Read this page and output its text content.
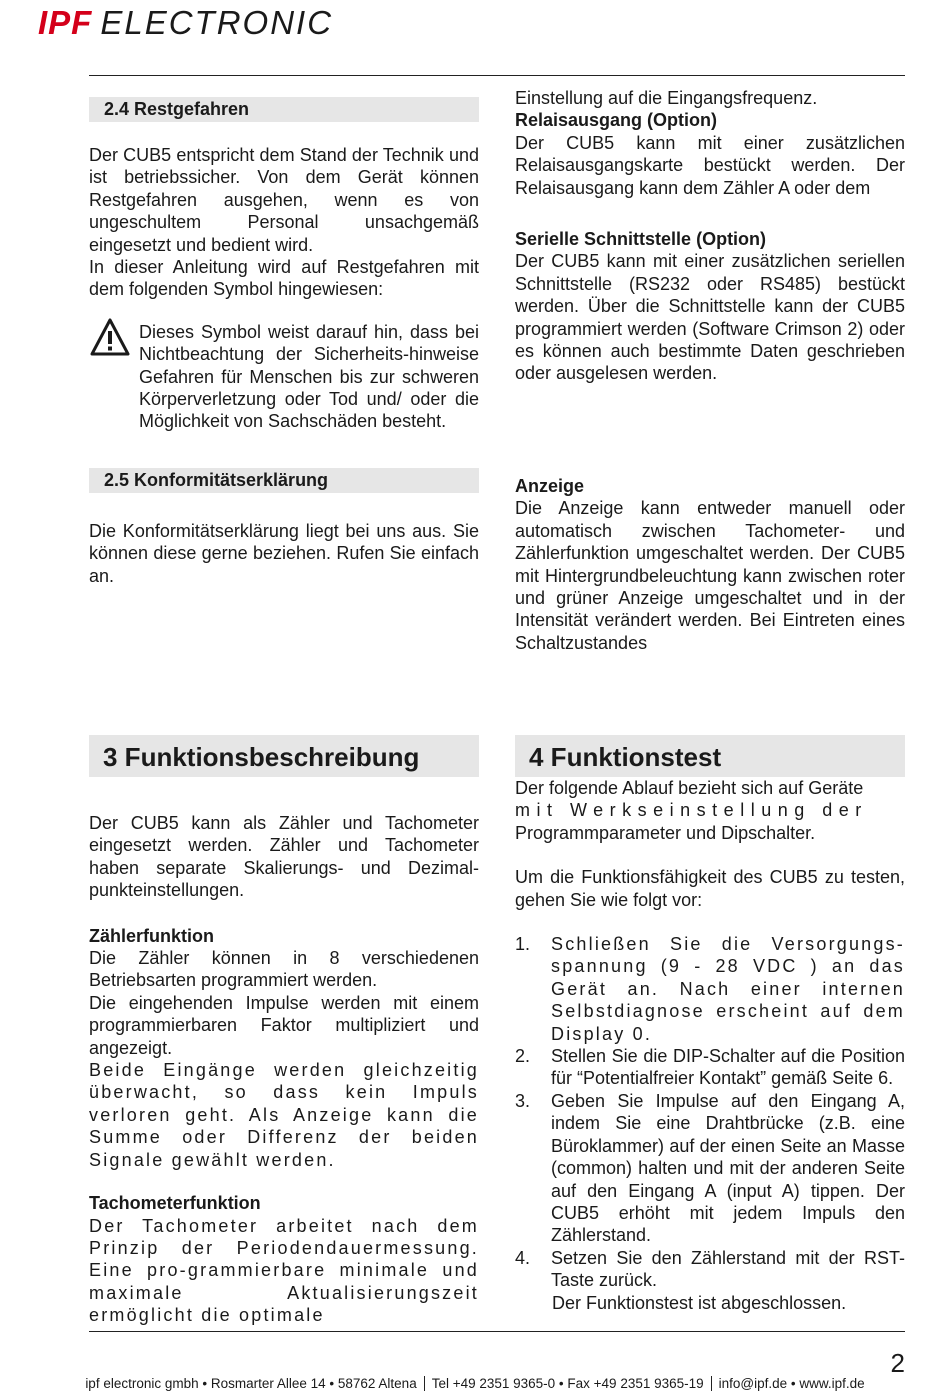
IPF ELECTRONIC
2.4 Restgefahren

Der CUB5 entspricht dem Stand der Technik und ist betriebssicher. Von dem Gerät können Restgefahren ausgehen, wenn es von ungeschultem Personal unsachgemäß eingesetzt und bedient wird.

In dieser Anleitung wird auf Restgefahren mit dem folgenden Symbol hingewiesen:

Dieses Symbol weist darauf hin, dass bei Nichtbeachtung der Sicherheits-hinweise Gefahren für Menschen bis zur schweren Körperverletzung oder Tod und/ oder die Möglichkeit von Sachschäden besteht.

2.5 Konformitätserklärung

Die Konformitätserklärung liegt bei uns aus. Sie können diese gerne beziehen. Rufen Sie einfach an.

Einstellung auf die Eingangsfrequenz.

Relaisausgang (Option)

Der CUB5 kann mit einer zusätzlichen Relaisausgangskarte bestückt werden. Der Relaisausgang kann dem Zähler A oder dem

Serielle Schnittstelle (Option)

Der CUB5 kann mit einer zusätzlichen seriellen Schnittstelle (RS232 oder RS485) bestückt werden. Über die Schnittstelle kann der CUB5 programmiert werden (Software Crimson 2) oder es können auch bestimmte Daten geschrieben oder ausgelesen werden.

Anzeige

Die Anzeige kann entweder manuell oder automatisch zwischen Tachometer- und Zählerfunktion umgeschaltet werden. Der CUB5 mit Hintergrundbeleuchtung kann zwischen roter und grüner Anzeige umgeschaltet und in der Intensität verändert werden. Bei Eintreten eines Schaltzustandes

3 Funktionsbeschreibung

Der CUB5 kann als Zähler und Tachometer eingesetzt werden. Zähler und Tachometer haben separate Skalierungs- und Dezimal-punkteinstellungen.

Zählerfunktion

Die Zähler können in 8 verschiedenen Betriebsarten programmiert werden.

Die eingehenden Impulse werden mit einem programmierbaren Faktor multipliziert und angezeigt.

Beide Eingänge werden gleichzeitig überwacht, so dass kein Impuls verloren geht. Als Anzeige kann die Summe oder Differenz der beiden Signale gewählt werden.

Tachometerfunktion

Der Tachometer arbeitet nach dem Prinzip der Periodendauermessung. Eine pro-grammierbare minimale und maximale Aktualisierungszeit ermöglicht die optimale

4 Funktionstest

Der folgende Ablauf bezieht sich auf Geräte

mit Werkseinstellung der

Programmparameter und Dipschalter.

Um die Funktionsfähigkeit des CUB5 zu testen, gehen Sie wie folgt vor:

1.	Schließen Sie die Versorgungs-spannung (9 - 28 VDC ) an das Gerät an. Nach einer internen Selbstdiagnose erscheint auf dem Display 0.
2.	Stellen Sie die DIP-Schalter auf die Position für “Potentialfreier Kontakt” gemäß Seite 6.
3.	Geben Sie Impulse auf den Eingang A, indem Sie eine Drahtbrücke (z.B. eine Büroklammer) auf der einen Seite an Masse (common) halten und mit der anderen Seite auf den Eingang A (input A) tippen. Der CUB5 erhöht mit jedem Impuls den Zählerstand.
4.	Setzen Sie den Zählerstand mit der RST-Taste zurück.

Der Funktionstest ist abgeschlossen.

2
ipf electronic gmbh • Rosmarter Allee 14 • 58762 Altena Tel +49 2351 9365-0 • Fax +49 2351 9365-19 info@ipf.de • www.ipf.de
